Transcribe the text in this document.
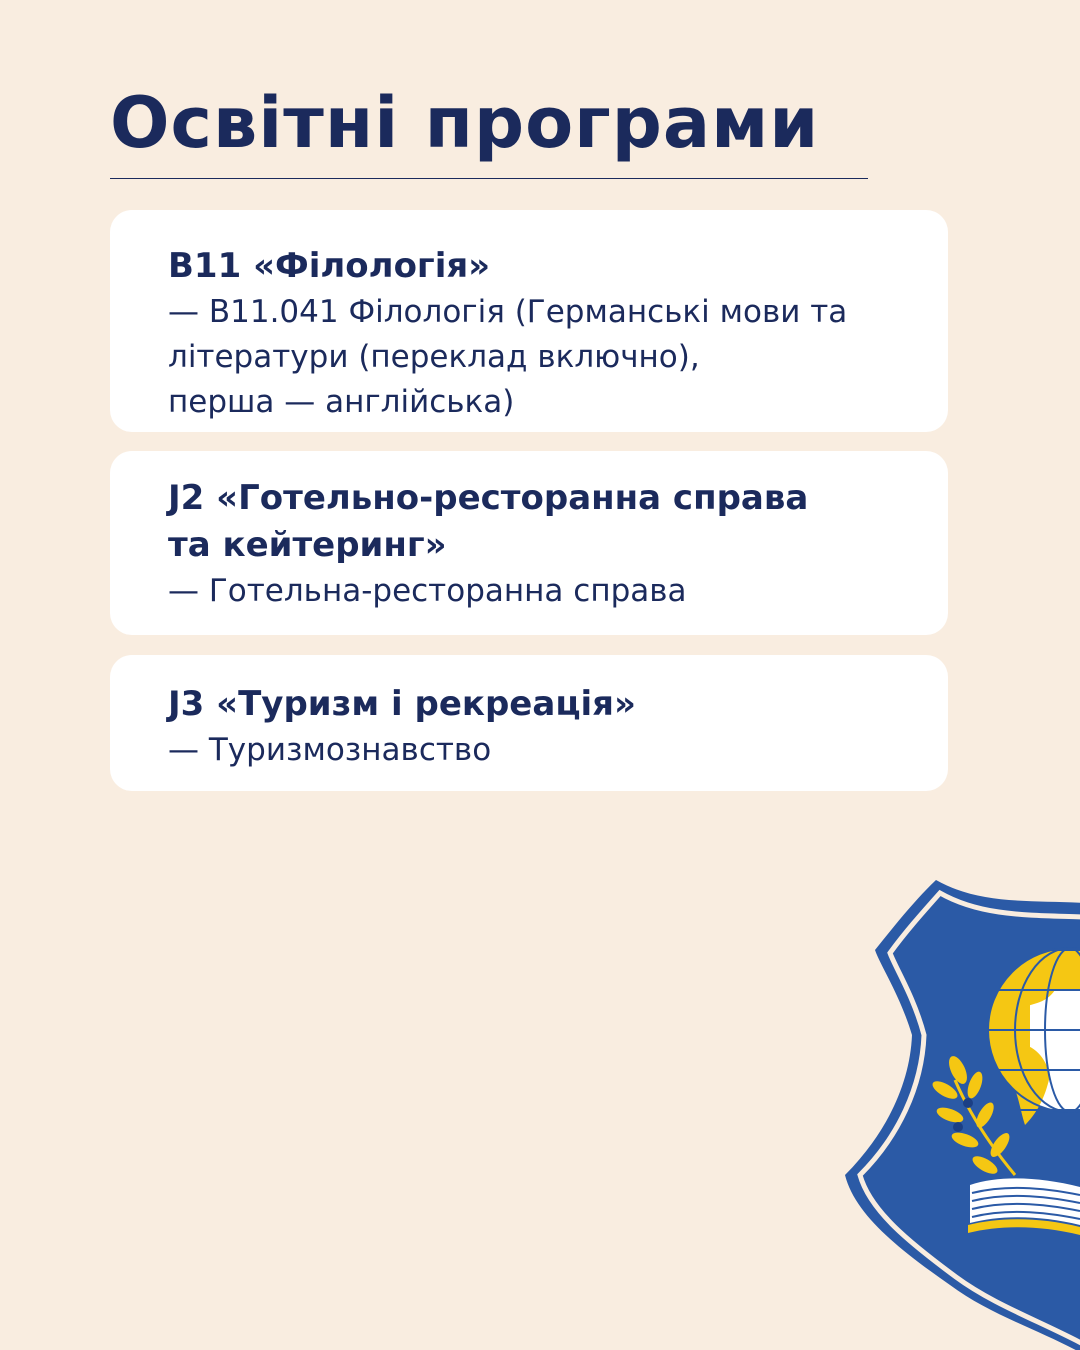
Освітні програми
B11 «Філологія»
— B11.041 Філологія (Германські мови та
літератури (переклад включно),
перша — англійська)
J2 «Готельно-ресторанна справа
та кейтеринг»
— Готельна-ресторанна справа
J3 «Туризм і рекреація»
— Туризмознавство
